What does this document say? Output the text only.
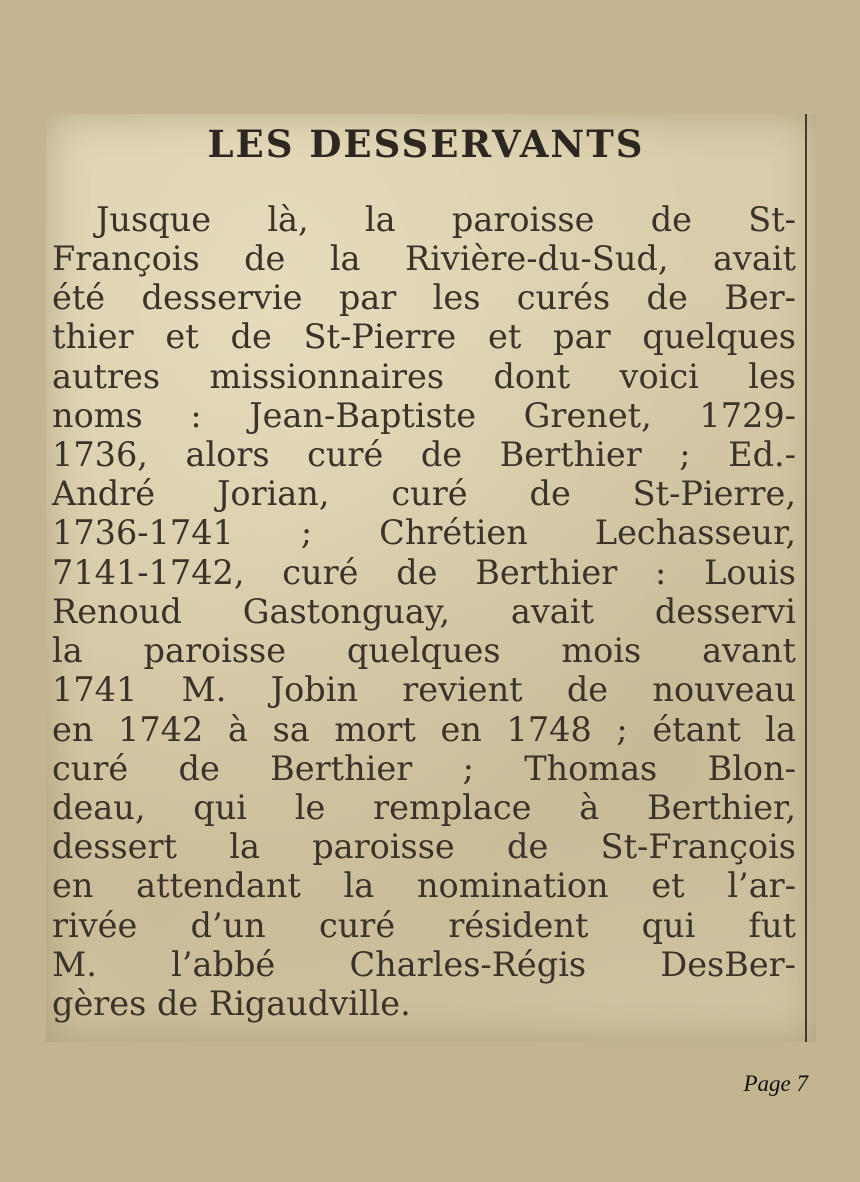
LES DESSERVANTS

Jusque là, la paroisse de St-

François de la Rivière-du-Sud, avait

été desservie par les curés de Ber-

thier et de St-Pierre et par quelques

autres missionnaires dont voici les

noms : Jean-Baptiste Grenet, 1729-

1736, alors curé de Berthier ; Ed.-

André Jorian, curé de St-Pierre,

1736-1741 ; Chrétien Lechasseur,

7141-1742, curé de Berthier : Louis

Renoud Gastonguay, avait desservi

la paroisse quelques mois avant

1741 M. Jobin revient de nouveau

en 1742 à sa mort en 1748 ; étant la

curé de Berthier ; Thomas Blon-

deau, qui le remplace à Berthier,

dessert la paroisse de St-François

en attendant la nomination et l’ar-

rivée d’un curé résident qui fut

M. l’abbé Charles-Régis DesBer-

gères de Rigaudville.

Page 7
